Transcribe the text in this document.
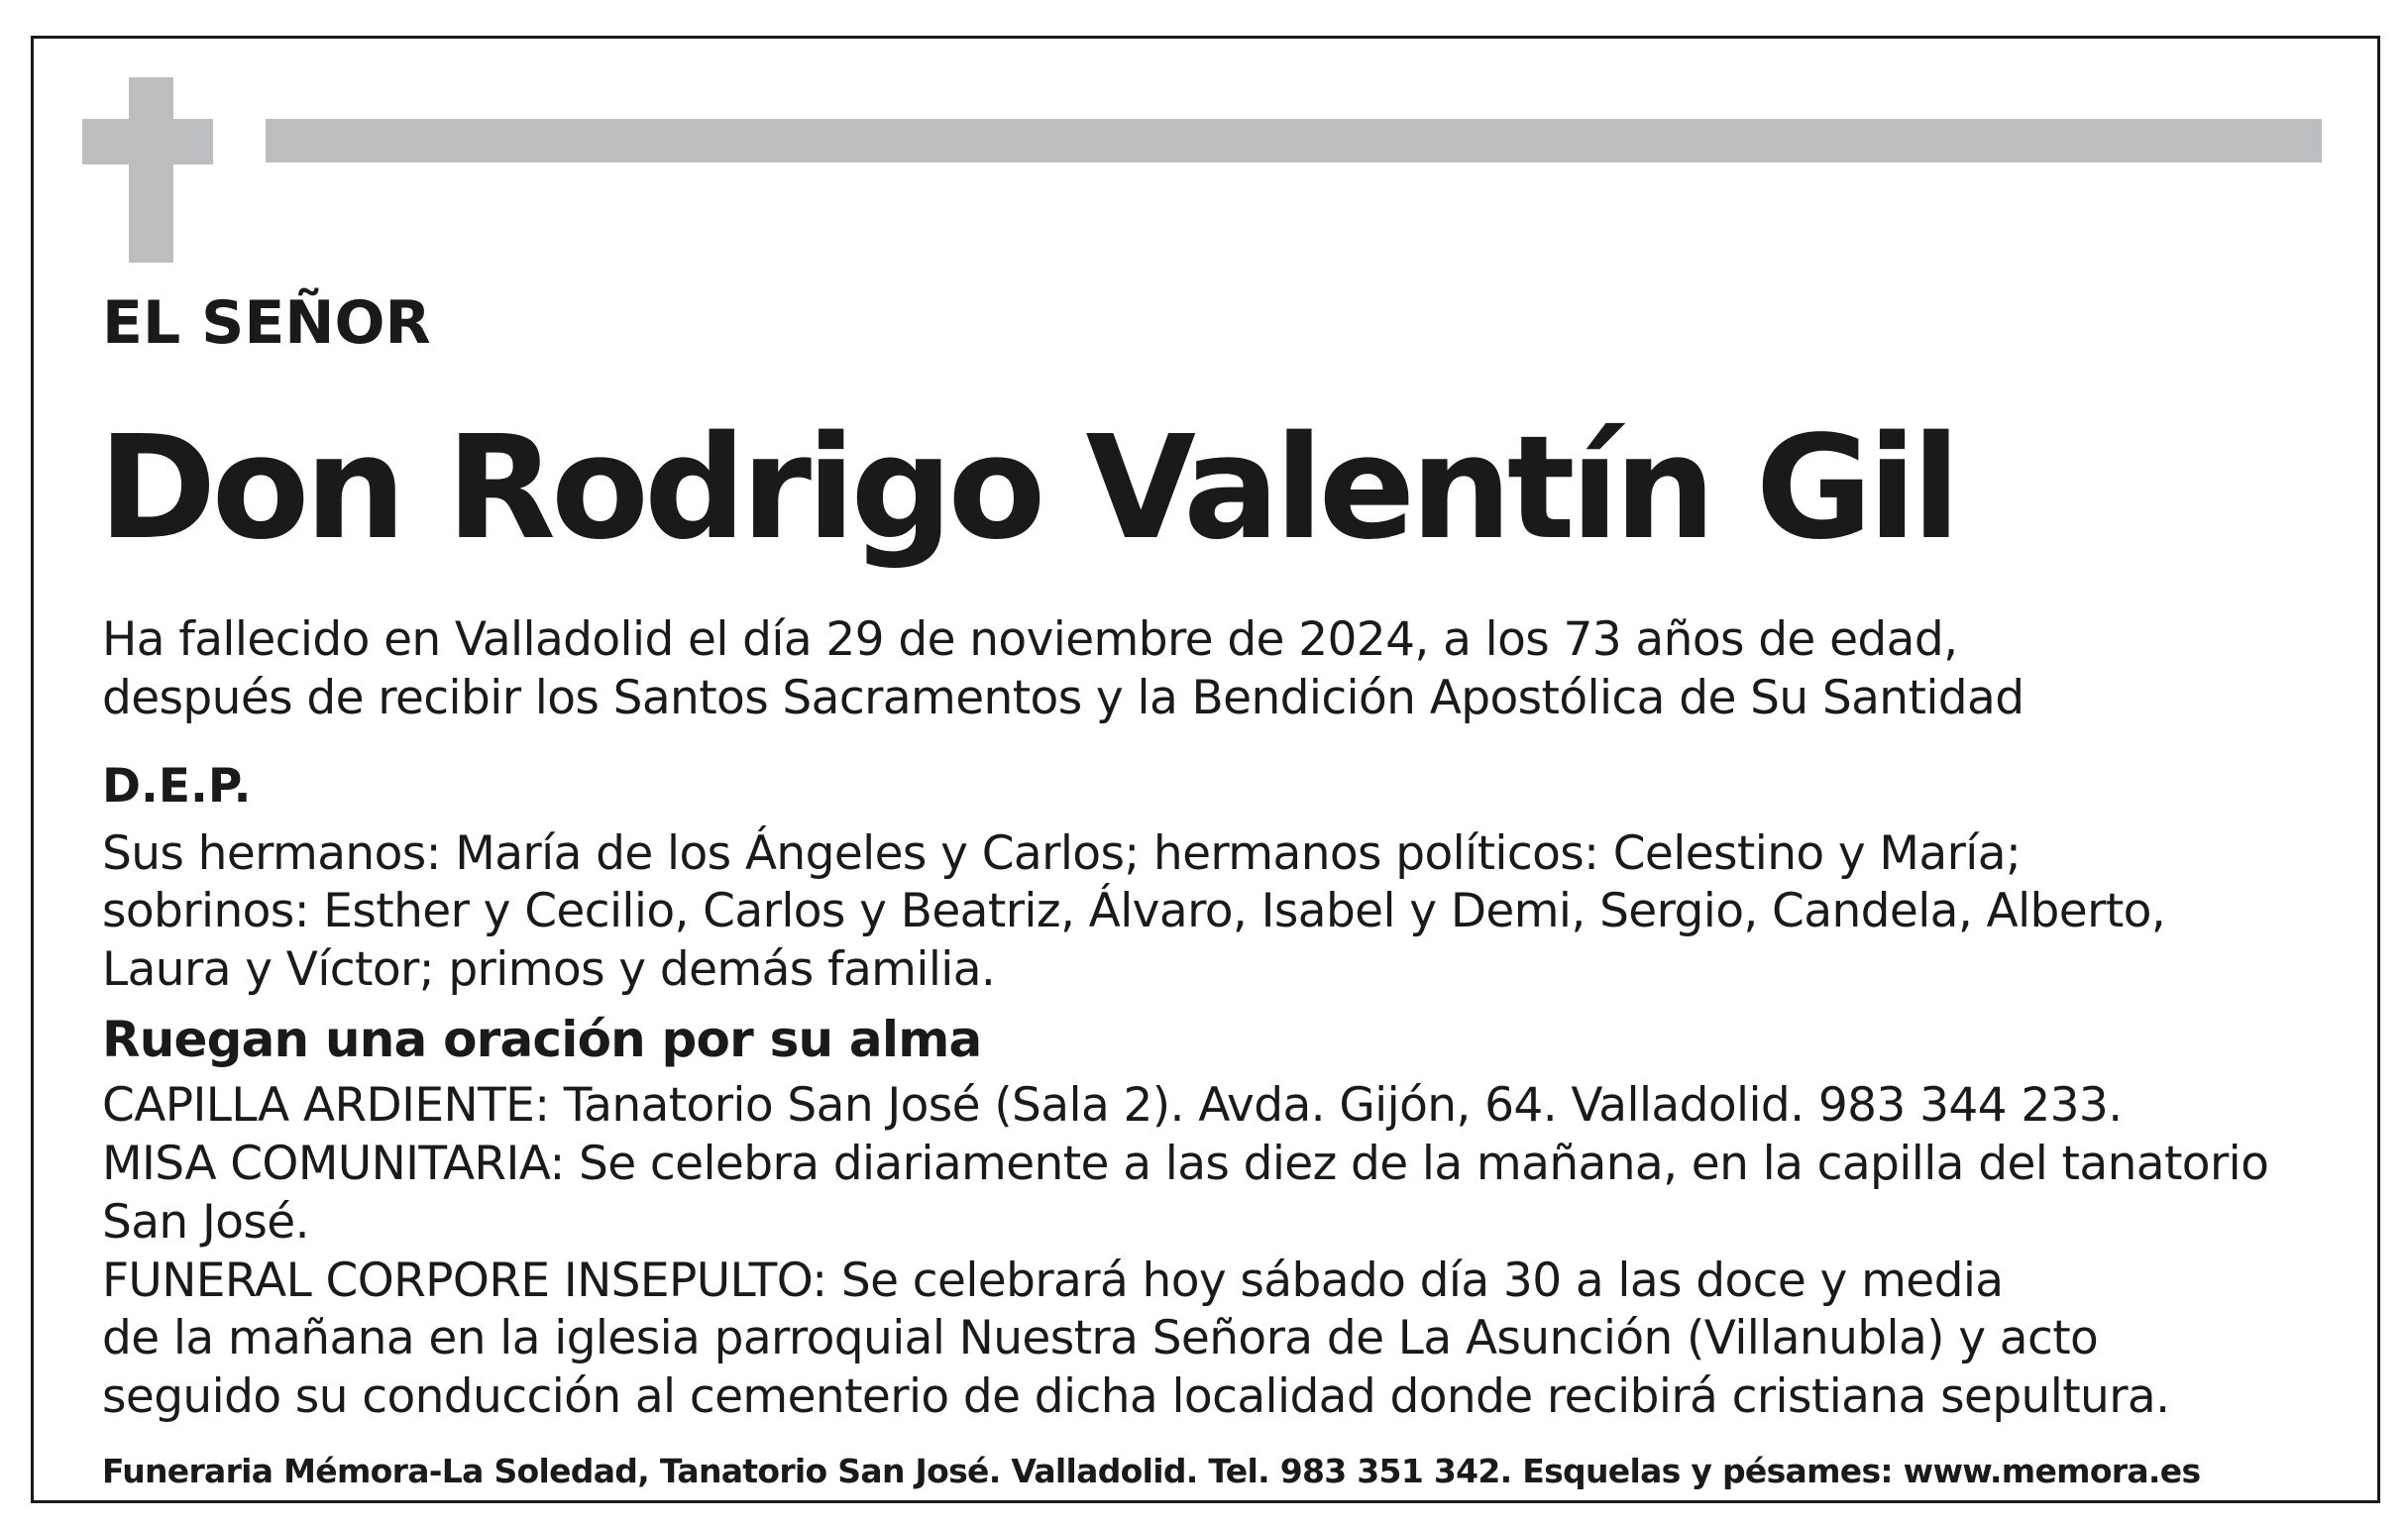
EL SEÑOR
Don Rodrigo Valentín Gil
Ha fallecido en Valladolid el día 29 de noviembre de 2024, a los 73 años de edad,
después de recibir los Santos Sacramentos y la Bendición Apostólica de Su Santidad
D.E.P.
Sus hermanos: María de los Ángeles y Carlos; hermanos políticos: Celestino y María;
sobrinos: Esther y Cecilio, Carlos y Beatriz, Álvaro, Isabel y Demi, Sergio, Candela, Alberto,
Laura y Víctor; primos y demás familia.
Ruegan una oración por su alma
CAPILLA ARDIENTE: Tanatorio San José (Sala 2). Avda. Gijón, 64. Valladolid. 983 344 233.
MISA COMUNITARIA: Se celebra diariamente a las diez de la mañana, en la capilla del tanatorio
San José.
FUNERAL CORPORE INSEPULTO: Se celebrará hoy sábado día 30 a las doce y media
de la mañana en la iglesia parroquial Nuestra Señora de La Asunción (Villanubla) y acto
seguido su conducción al cementerio de dicha localidad donde recibirá cristiana sepultura.
Funeraria Mémora-La Soledad, Tanatorio San José. Valladolid. Tel. 983 351 342. Esquelas y pésames: www.memora.es
